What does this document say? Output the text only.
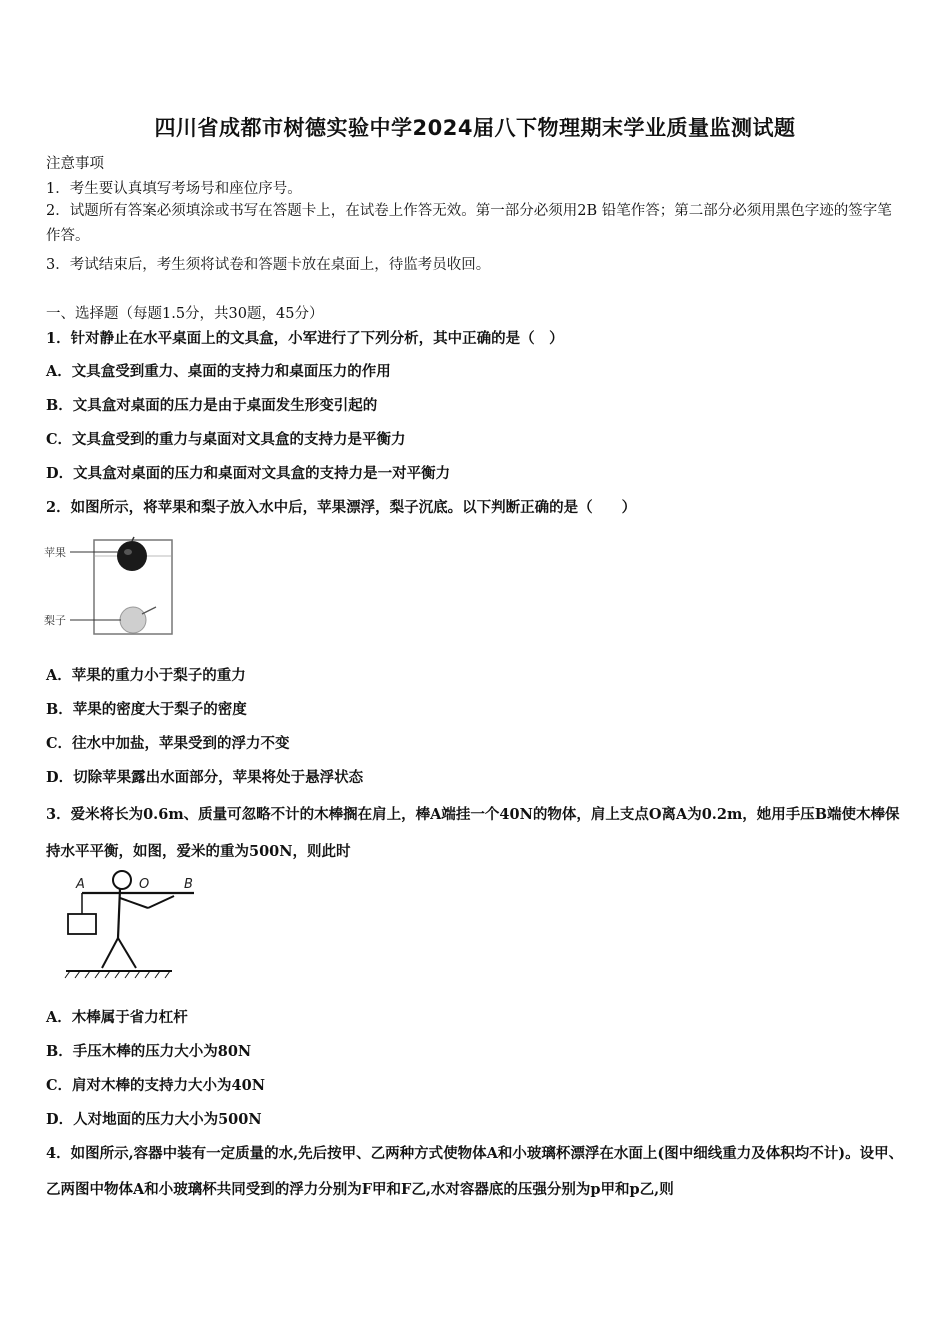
四川省成都市树德实验中学2024届八下物理期末学业质量监测试题
注意事项
1．考生要认真填写考场号和座位序号。
2．试题所有答案必须填涂或书写在答题卡上，在试卷上作答无效。第一部分必须用2B 铅笔作答；第二部分必须用黑色字迹的签字笔作答。
3．考试结束后，考生须将试卷和答题卡放在桌面上，待监考员收回。
一、选择题（每题1.5分，共30题，45分）
1．针对静止在水平桌面上的文具盒，小军进行了下列分析，其中正确的是（　）
A．文具盒受到重力、桌面的支持力和桌面压力的作用
B．文具盒对桌面的压力是由于桌面发生形变引起的
C．文具盒受到的重力与桌面对文具盒的支持力是平衡力
D．文具盒对桌面的压力和桌面对文具盒的支持力是一对平衡力
2．如图所示，将苹果和梨子放入水中后，苹果漂浮，梨子沉底。以下判断正确的是（　　）
苹果
梨子
A．苹果的重力小于梨子的重力
B．苹果的密度大于梨子的密度
C．往水中加盐，苹果受到的浮力不变
D．切除苹果露出水面部分，苹果将处于悬浮状态
3．爱米将长为0.6m、质量可忽略不计的木棒搁在肩上，棒A端挂一个40N的物体，肩上支点O离A为0.2m，她用手压B端使木棒保持水平平衡，如图，爱米的重为500N，则此时
A	O	B
A．木棒属于省力杠杆
B．手压木棒的压力大小为80N
C．肩对木棒的支持力大小为40N
D．人对地面的压力大小为500N
4．如图所示,容器中装有一定质量的水,先后按甲、乙两种方式使物体A和小玻璃杯漂浮在水面上(图中细线重力及体积均不计)。设甲、乙两图中物体A和小玻璃杯共同受到的浮力分别为F甲和F乙,水对容器底的压强分别为p甲和p乙,则
